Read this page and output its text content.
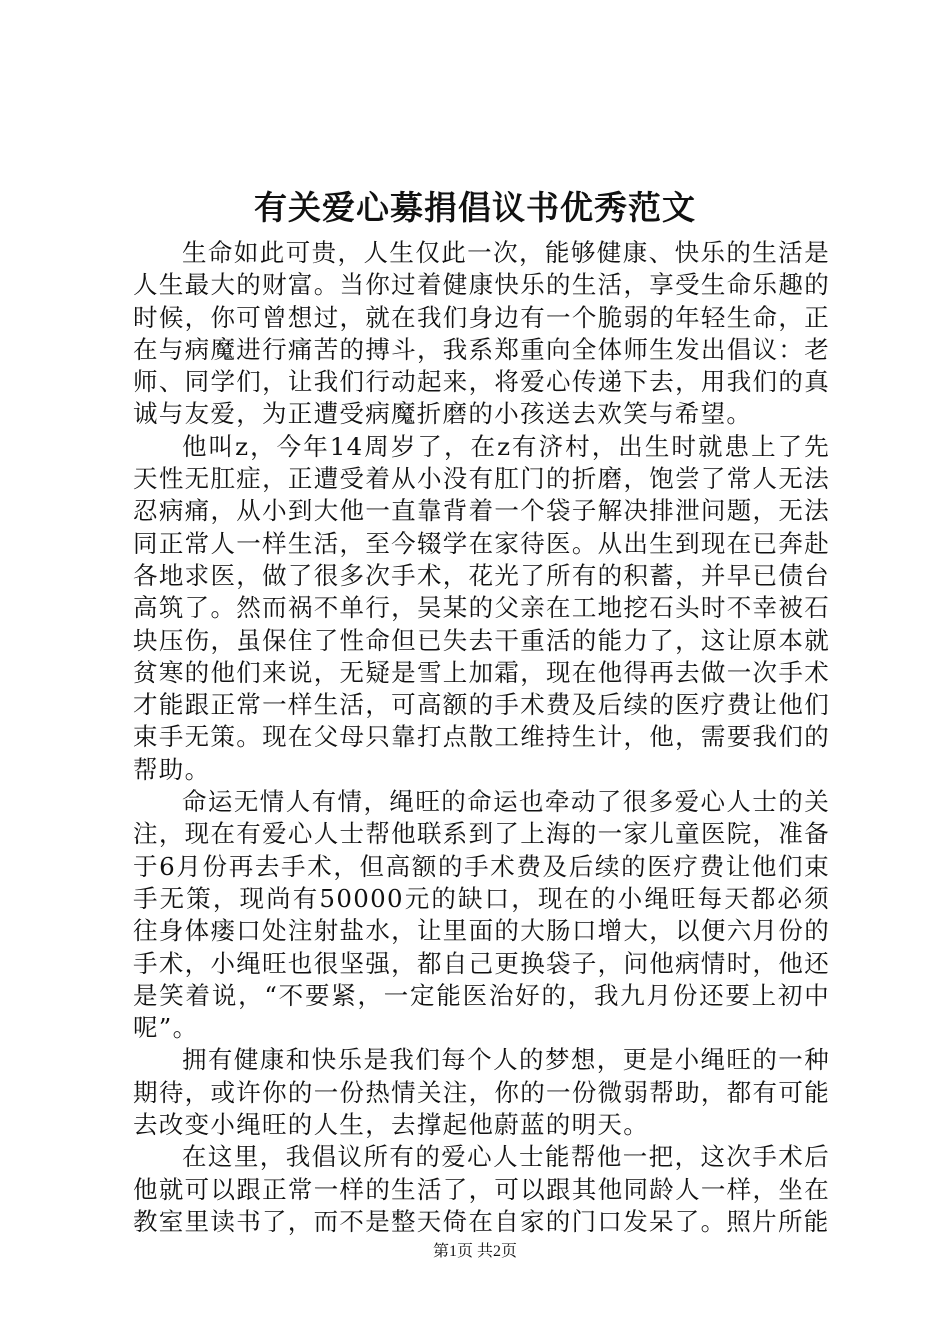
有关爱心募捐倡议书优秀范文

生命如此可贵，人生仅此一次，能够健康、快乐的生活是人生最大的财富。当你过着健康快乐的生活，享受生命乐趣的时候，你可曾想过，就在我们身边有一个脆弱的年轻生命，正在与病魔进行痛苦的搏斗，我系郑重向全体师生发出倡议：老师、同学们，让我们行动起来，将爱心传递下去，用我们的真诚与友爱，为正遭受病魔折磨的小孩送去欢笑与希望。

他叫z，今年14周岁了，在z有济村，出生时就患上了先天性无肛症，正遭受着从小没有肛门的折磨，饱尝了常人无法忍病痛，从小到大他一直靠背着一个袋子解决排泄问题，无法同正常人一样生活，至今辍学在家待医。从出生到现在已奔赴各地求医，做了很多次手术，花光了所有的积蓄，并早已债台高筑了。然而祸不单行，吴某的父亲在工地挖石头时不幸被石块压伤，虽保住了性命但已失去干重活的能力了，这让原本就贫寒的他们来说，无疑是雪上加霜，现在他得再去做一次手术才能跟正常一样生活，可高额的手术费及后续的医疗费让他们束手无策。现在父母只靠打点散工维持生计，他，需要我们的帮助。

命运无情人有情，绳旺的命运也牵动了很多爱心人士的关注，现在有爱心人士帮他联系到了上海的一家儿童医院，准备于6月份再去手术，但高额的手术费及后续的医疗费让他们束手无策，现尚有50000元的缺口，现在的小绳旺每天都必须往身体瘘口处注射盐水，让里面的大肠口增大，以便六月份的手术，小绳旺也很坚强，都自己更换袋子，问他病情时，他还是笑着说，“不要紧，一定能医治好的，我九月份还要上初中呢”。

拥有健康和快乐是我们每个人的梦想，更是小绳旺的一种期待，或许你的一份热情关注，你的一份微弱帮助，都有可能去改变小绳旺的人生，去撑起他蔚蓝的明天。

在这里，我倡议所有的爱心人士能帮他一把，这次手术后他就可以跟正常一样的生活了，可以跟其他同龄人一样，坐在教室里读书了，而不是整天倚在自家的门口发呆了。照片所能

第1页 共2页
